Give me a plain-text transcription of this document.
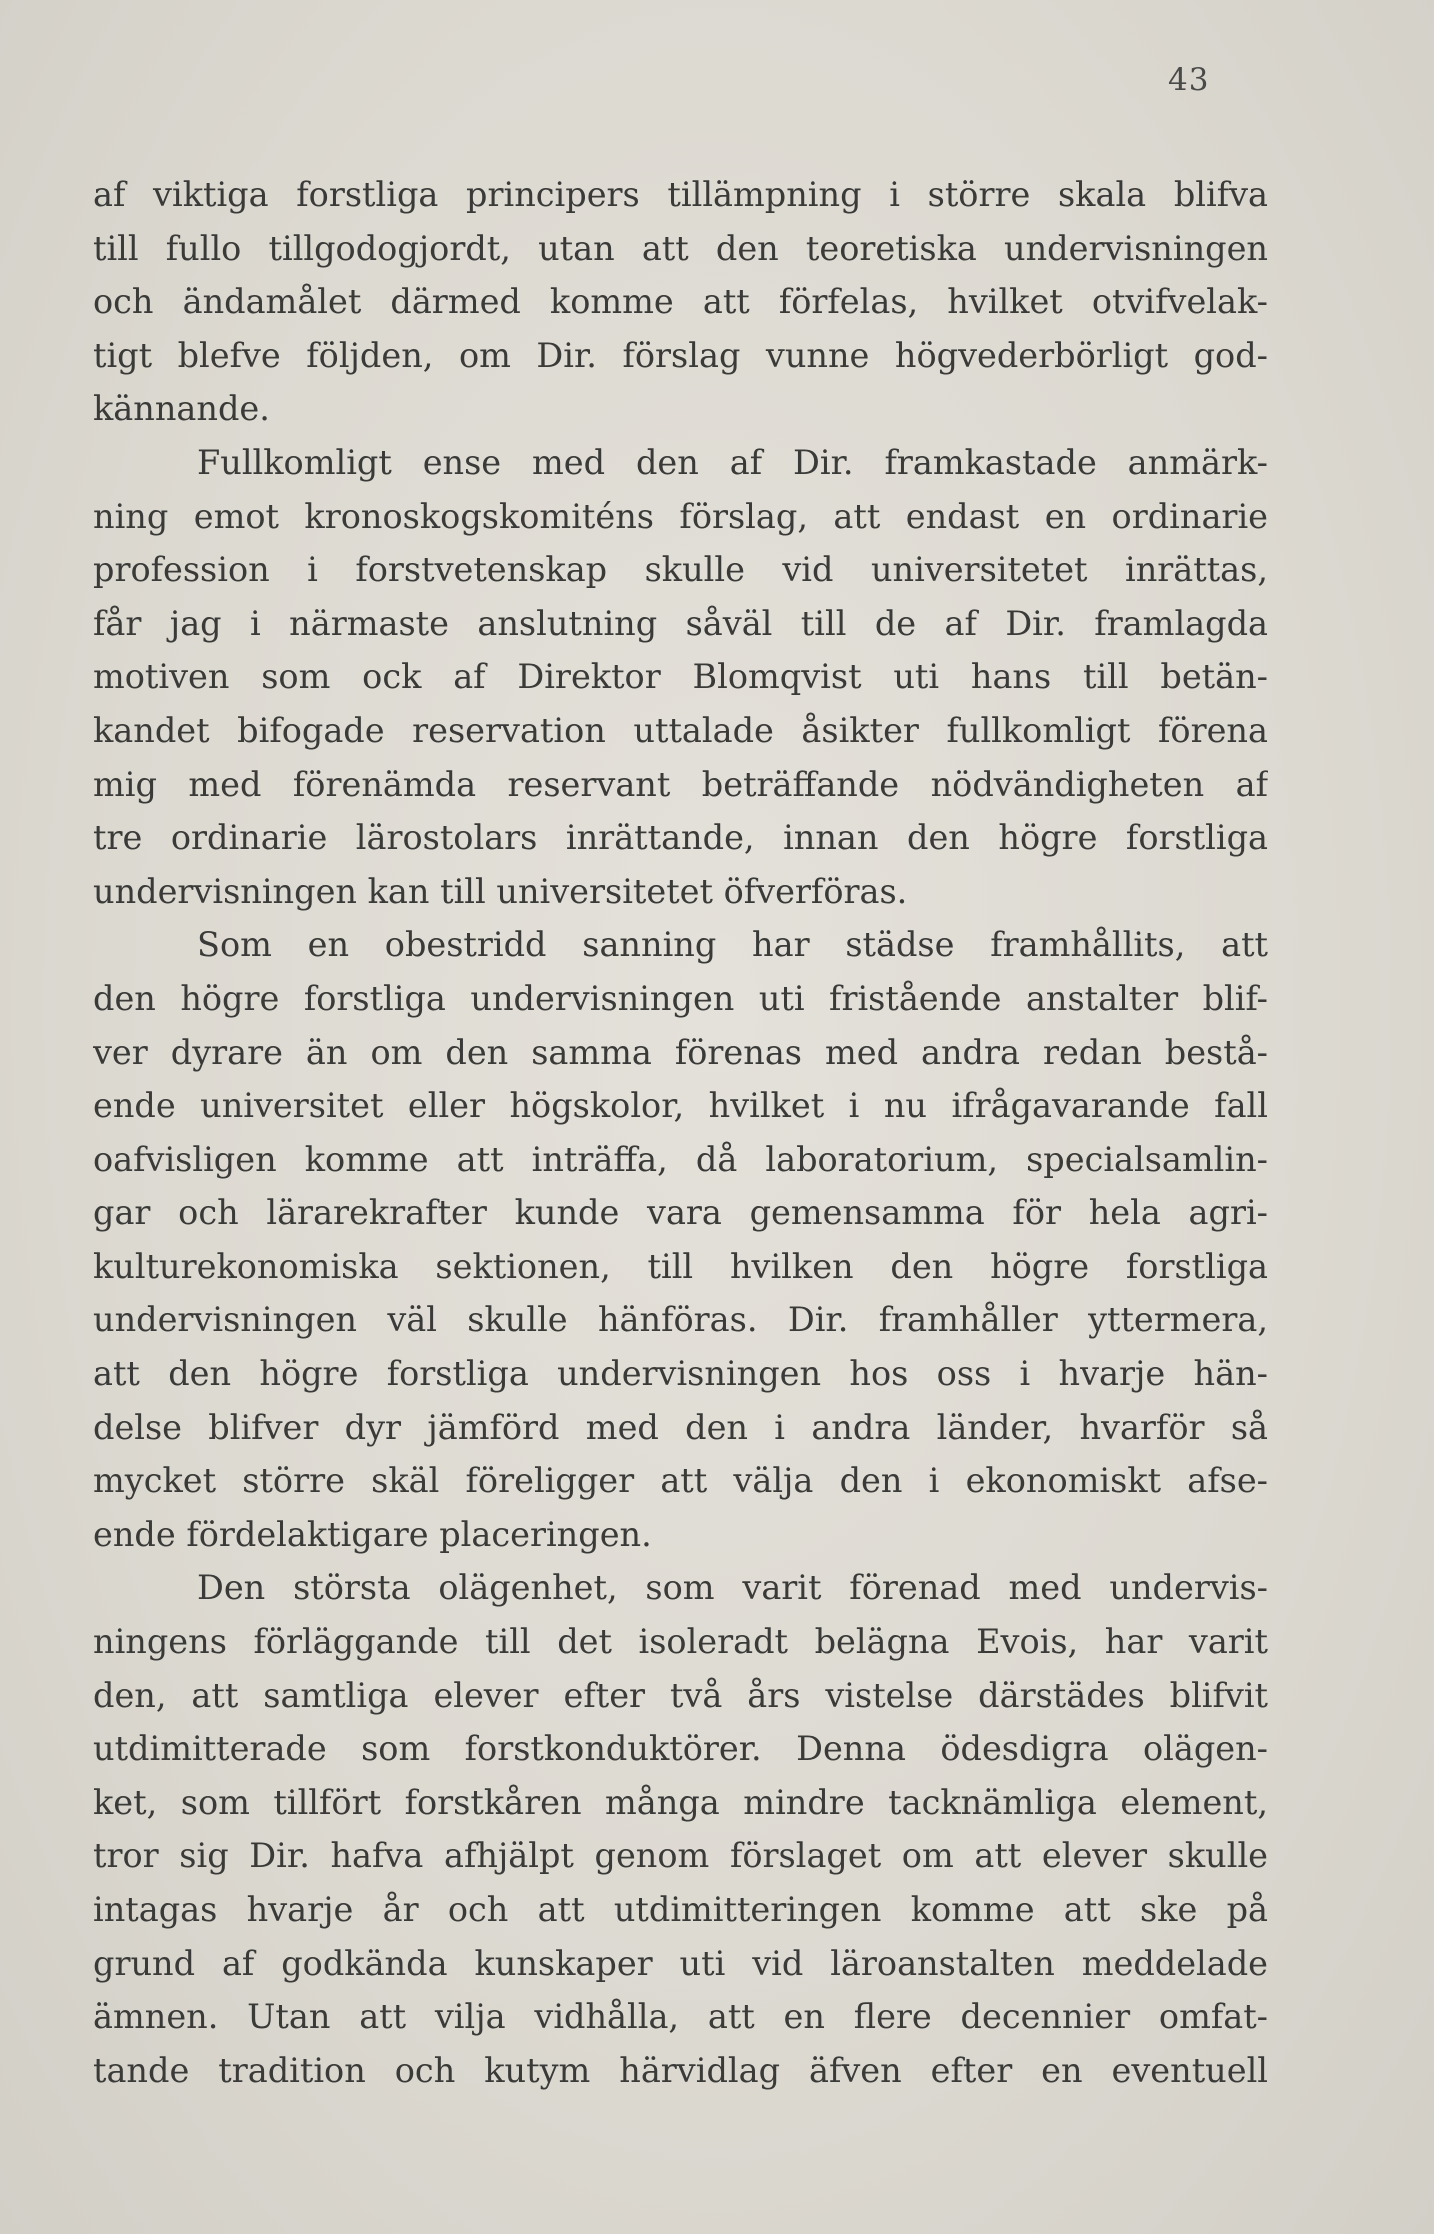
43
af viktiga forstliga principers tillämpning i större skala blifva
till fullo tillgodogjordt, utan att den teoretiska undervisningen
och ändamålet därmed komme att förfelas, hvilket otvifvelak-
tigt blefve följden, om Dir. förslag vunne högvederbörligt god-
kännande.
Fullkomligt ense med den af Dir. framkastade anmärk-
ning emot kronoskogskomiténs förslag, att endast en ordinarie
profession i forstvetenskap skulle vid universitetet inrättas,
får jag i närmaste anslutning såväl till de af Dir. framlagda
motiven som ock af Direktor Blomqvist uti hans till betän-
kandet bifogade reservation uttalade åsikter fullkomligt förena
mig med förenämda reservant beträffande nödvändigheten af
tre ordinarie lärostolars inrättande, innan den högre forstliga
undervisningen kan till universitetet öfverföras.
Som en obestridd sanning har städse framhållits, att
den högre forstliga undervisningen uti fristående anstalter blif-
ver dyrare än om den samma förenas med andra redan bestå-
ende universitet eller högskolor, hvilket i nu ifrågavarande fall
oafvisligen komme att inträffa, då laboratorium, specialsamlin-
gar och lärarekrafter kunde vara gemensamma för hela agri-
kulturekonomiska sektionen, till hvilken den högre forstliga
undervisningen väl skulle hänföras. Dir. framhåller yttermera,
att den högre forstliga undervisningen hos oss i hvarje hän-
delse blifver dyr jämförd med den i andra länder, hvarför så
mycket större skäl föreligger att välja den i ekonomiskt afse-
ende fördelaktigare placeringen.
Den största olägenhet, som varit förenad med undervis-
ningens förläggande till det isoleradt belägna Evois, har varit
den, att samtliga elever efter två års vistelse därstädes blifvit
utdimitterade som forstkonduktörer. Denna ödesdigra olägen-
ket, som tillfört forstkåren många mindre tacknämliga element,
tror sig Dir. hafva afhjälpt genom förslaget om att elever skulle
intagas hvarje år och att utdimitteringen komme att ske på
grund af godkända kunskaper uti vid läroanstalten meddelade
ämnen. Utan att vilja vidhålla, att en flere decennier omfat-
tande tradition och kutym härvidlag äfven efter en eventuell
